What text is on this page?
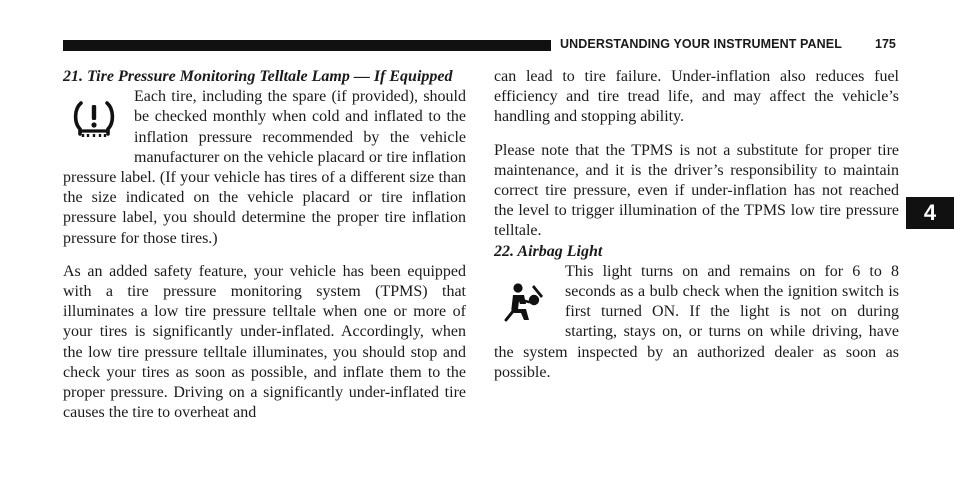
UNDERSTANDING YOUR INSTRUMENT PANEL	175
4

21. Tire Pressure Monitoring Telltale Lamp — If Equipped

Each tire, including the spare (if provided), should be checked monthly when cold and inflated to the inflation pressure recommended by the vehicle manufacturer on the vehicle placard or tire inflation pressure label. (If your vehicle has tires of a different size than the size indicated on the vehicle placard or tire inflation pressure label, you should determine the proper tire inflation pressure for those tires.)

As an added safety feature, your vehicle has been equipped with a tire pressure monitoring system (TPMS) that illuminates a low tire pressure telltale when one or more of your tires is significantly under-inflated. Accordingly, when the low tire pressure telltale illuminates, you should stop and check your tires as soon as possible, and inflate them to the proper pressure. Driving on a significantly under-inflated tire causes the tire to overheat and

can lead to tire failure. Under-inflation also reduces fuel efficiency and tire tread life, and may affect the vehicle’s handling and stopping ability.

Please note that the TPMS is not a substitute for proper tire maintenance, and it is the driver’s responsibility to maintain correct tire pressure, even if under-inflation has not reached the level to trigger illumination of the TPMS low tire pressure telltale.

22. Airbag Light

This light turns on and remains on for 6 to 8 seconds as a bulb check when the ignition switch is first turned ON. If the light is not on during starting, stays on, or turns on while driving, have the system inspected by an authorized dealer as soon as possible.
